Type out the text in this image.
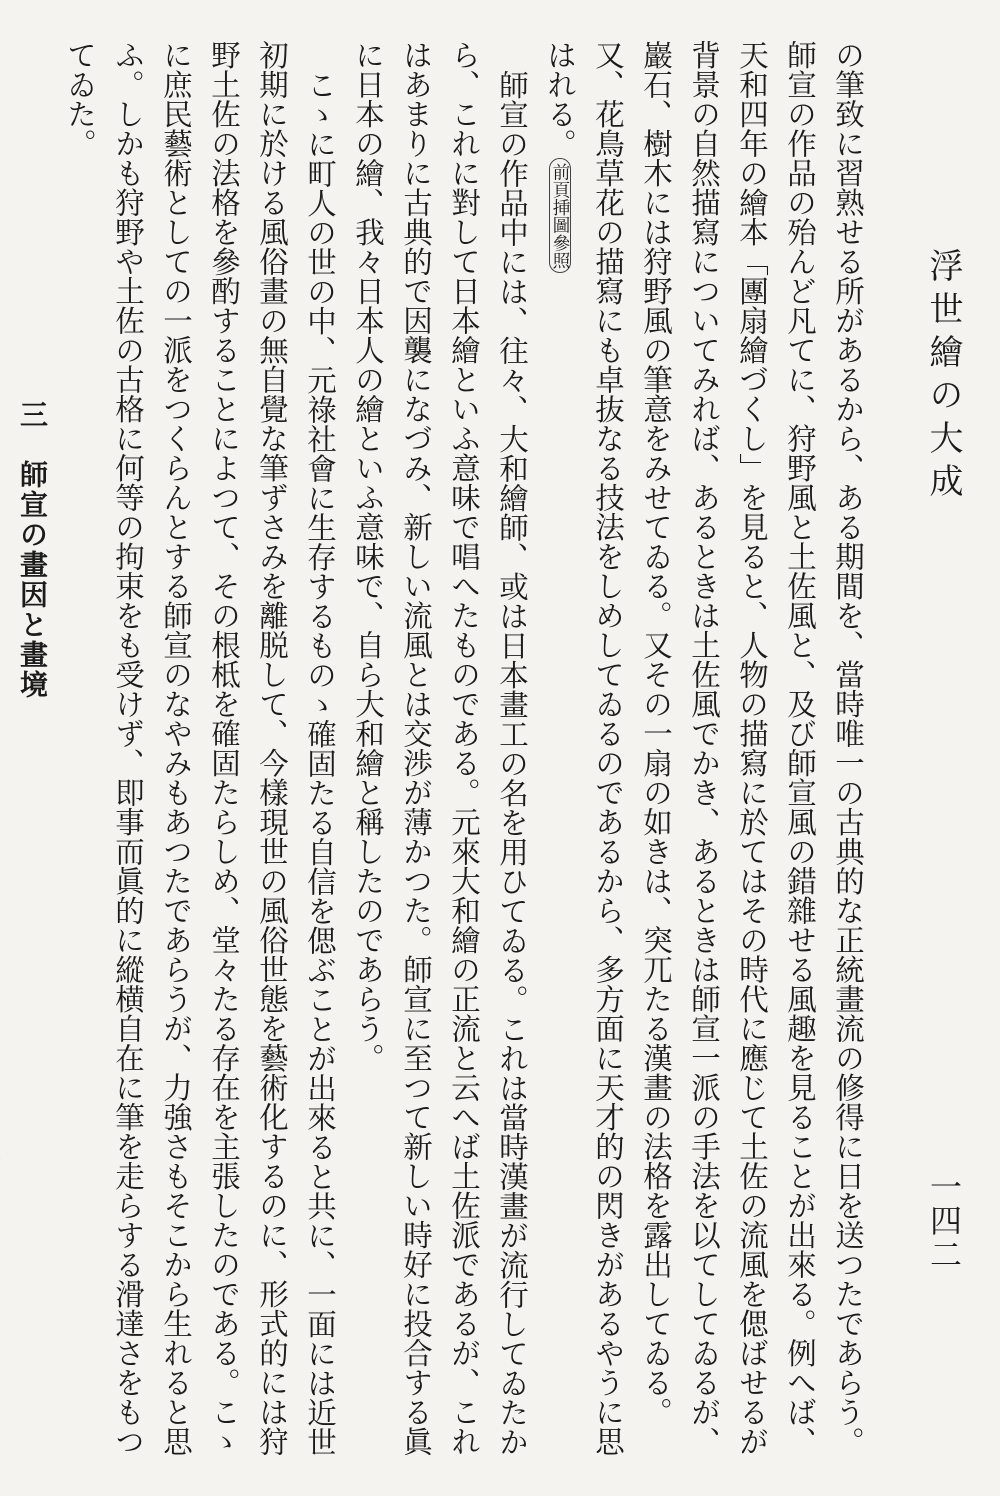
浮世繪の大成
一四二

の筆致に習熟せる所があるから、ある期間を、當時唯一の古典的な正統畫流の修得に日を送つたであらう。師宣の作品の殆んど凡てに、狩野風と土佐風と、及び師宣風の錯雜せる風趣を見ることが出來る。例へば、天和四年の繪本「團扇繪づくし」を見ると、人物の描寫に於てはその時代に應じて土佐の流風を偲ばせるが背景の自然描寫についてみれば、あるときは土佐風でかき、あるときは師宣一派の手法を以てしてゐるが、巖石、樹木には狩野風の筆意をみせてゐる。又その一扇の如きは、突兀たる漢畫の法格を露出してゐる。又、花鳥草花の描寫にも卓抜なる技法をしめしてゐるのであるから、多方面に天才的の閃きがあるやうに思はれる。前頁挿圖參照

師宣の作品中には、往々、大和繪師、或は日本畫工の名を用ひてゐる。これは當時漢畫が流行してゐたから、これに對して日本繪といふ意味で唱へたものである。元來大和繪の正流と云へば土佐派であるが、これはあまりに古典的で因襲になづみ、新しい流風とは交渉が薄かつた。師宣に至つて新しい時好に投合する眞に日本の繪、我々日本人の繪といふ意味で、自ら大和繪と稱したのであらう。

こゝに町人の世の中、元祿社會に生存するものゝ確固たる自信を偲ぶことが出來ると共に、一面には近世初期に於ける風俗畫の無自覺な筆ずさみを離脱して、今樣現世の風俗世態を藝術化するのに、形式的には狩野土佐の法格を參酌することによつて、その根柢を確固たらしめ、堂々たる存在を主張したのである。こゝに庶民藝術としての一派をつくらんとする師宣のなやみもあつたであらうが、力強さもそこから生れると思ふ。しかも狩野や土佐の古格に何等の拘束をも受けず、即事而眞的に縱横自在に筆を走らする滑達さをもつてゐた。

三　師宣の畫因と畫境
